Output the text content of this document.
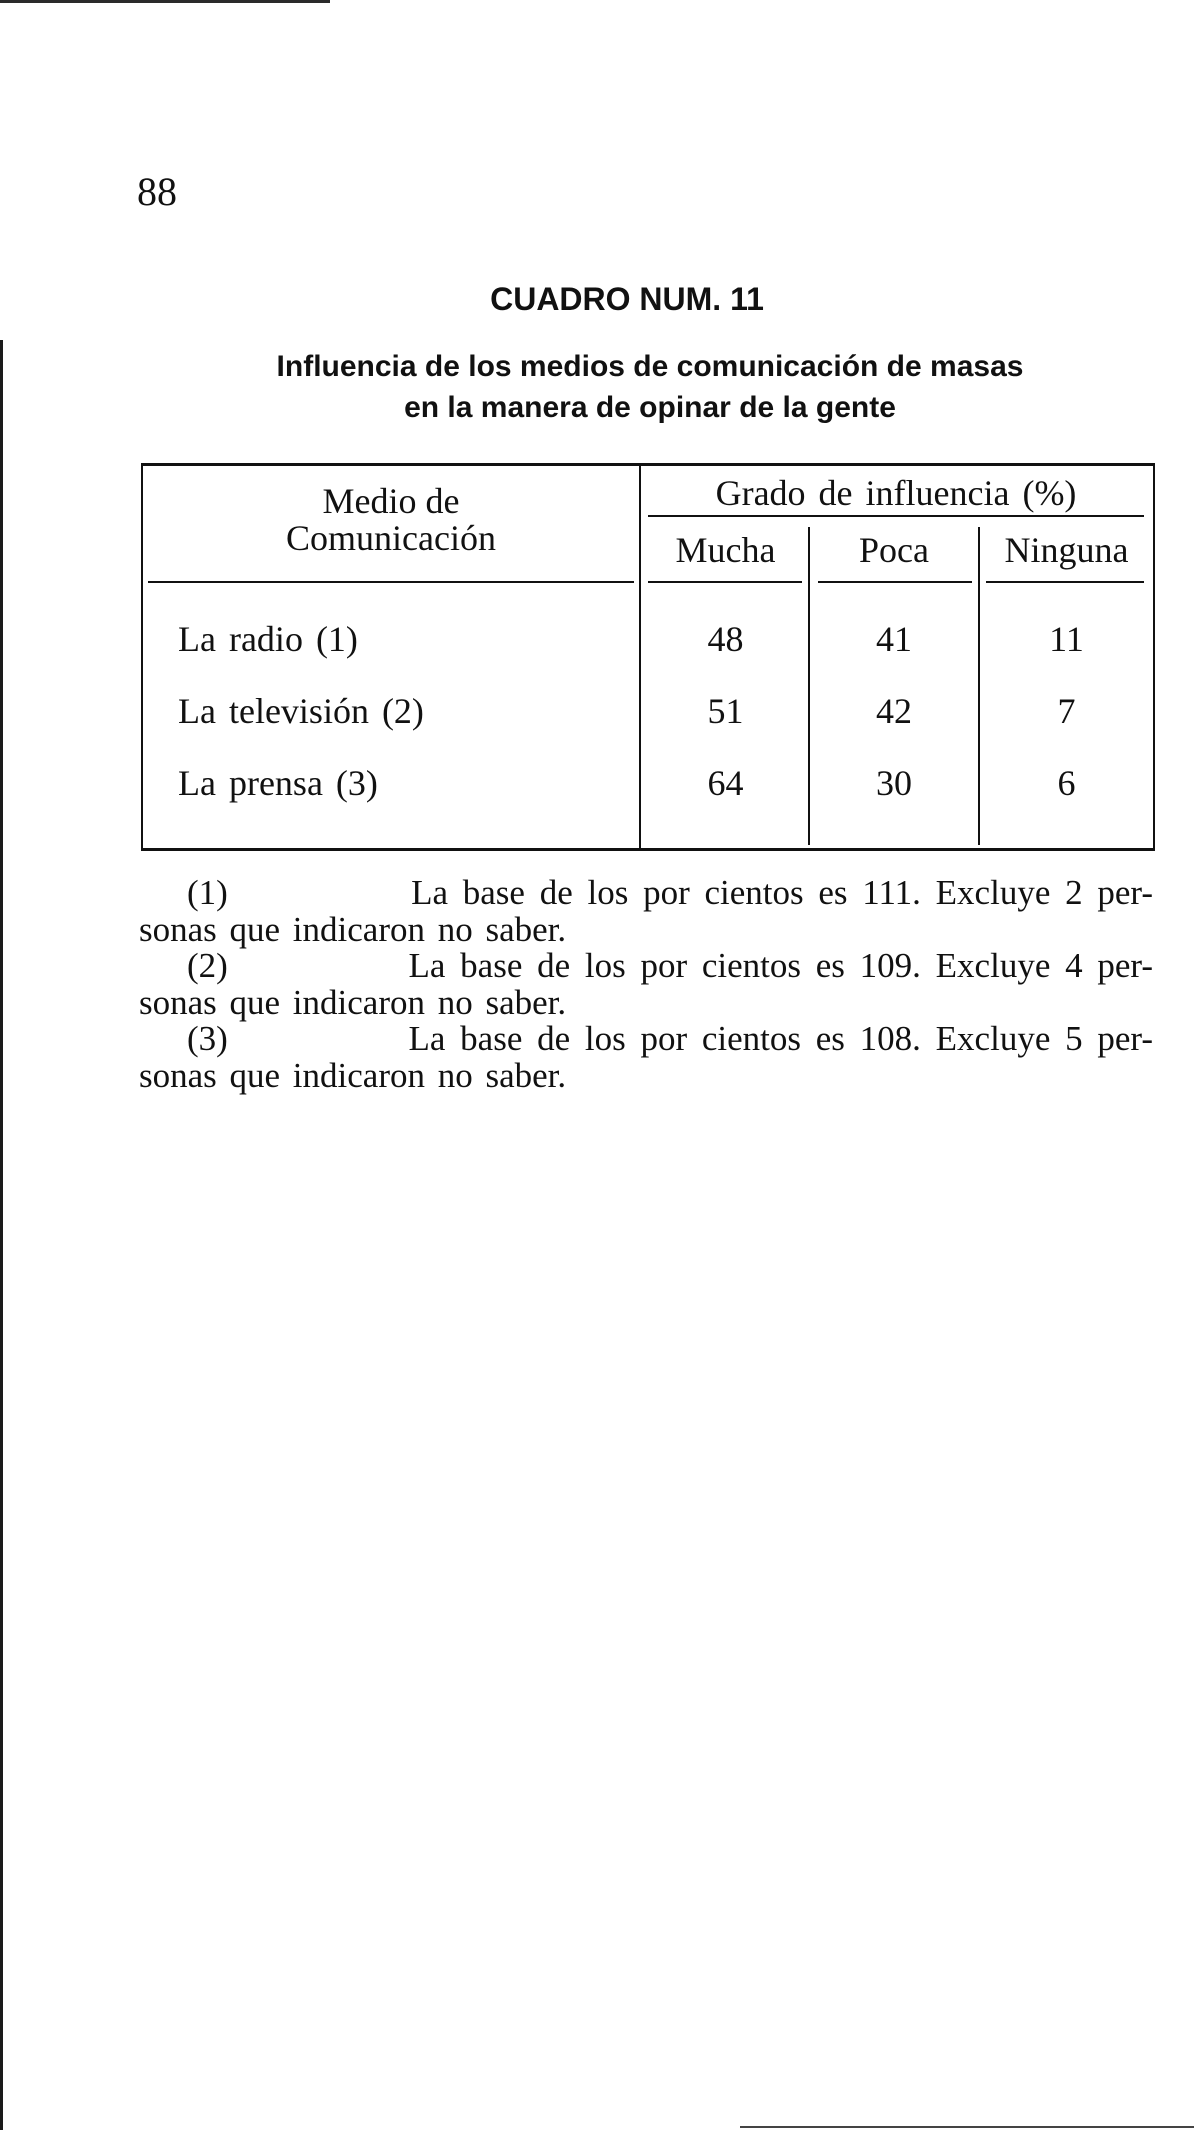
88
CUADRO NUM. 11
Influencia de los medios de comunicación de masas
en la manera de opinar de la gente
Medio de
Comunicación
Grado de influencia (%)
Mucha	Poca	Ninguna
La radio (1)	48	41	11
La televisión (2)	51	42	7
La prensa (3)	64	30	6
(1)	La base de los por cientos es 111. Excluye 2 per-
sonas que indicaron no saber.
(2)	La base de los por cientos es 109. Excluye 4 per-
sonas que indicaron no saber.
(3)	La base de los por cientos es 108. Excluye 5 per-
sonas que indicaron no saber.
